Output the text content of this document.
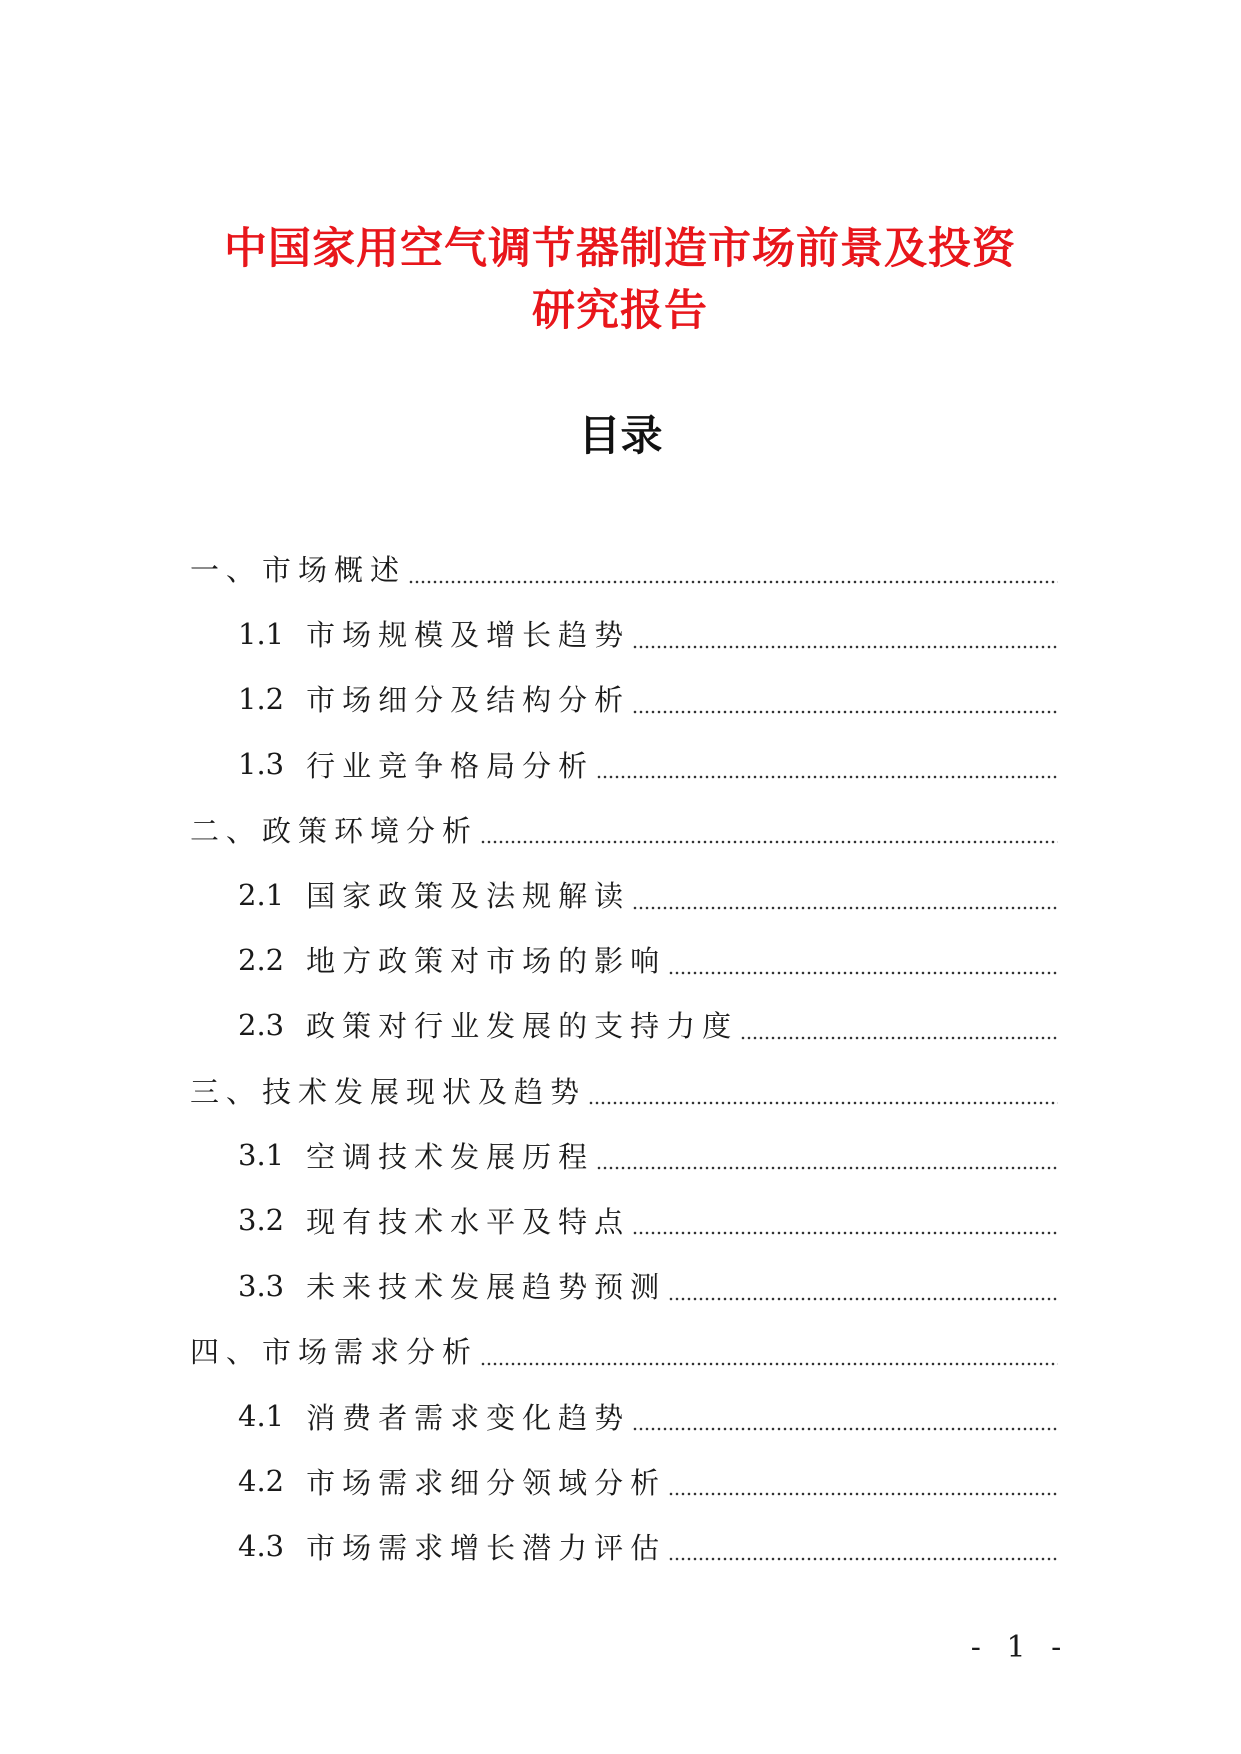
中国家用空气调节器制造市场前景及投资
研究报告
目录
一、市场概述
1.1 市场规模及增长趋势
1.2 市场细分及结构分析
1.3 行业竞争格局分析
二、政策环境分析
2.1 国家政策及法规解读
2.2 地方政策对市场的影响
2.3 政策对行业发展的支持力度
三、技术发展现状及趋势
3.1 空调技术发展历程
3.2 现有技术水平及特点
3.3 未来技术发展趋势预测
四、市场需求分析
4.1 消费者需求变化趋势
4.2 市场需求细分领域分析
4.3 市场需求增长潜力评估
- 1 -
